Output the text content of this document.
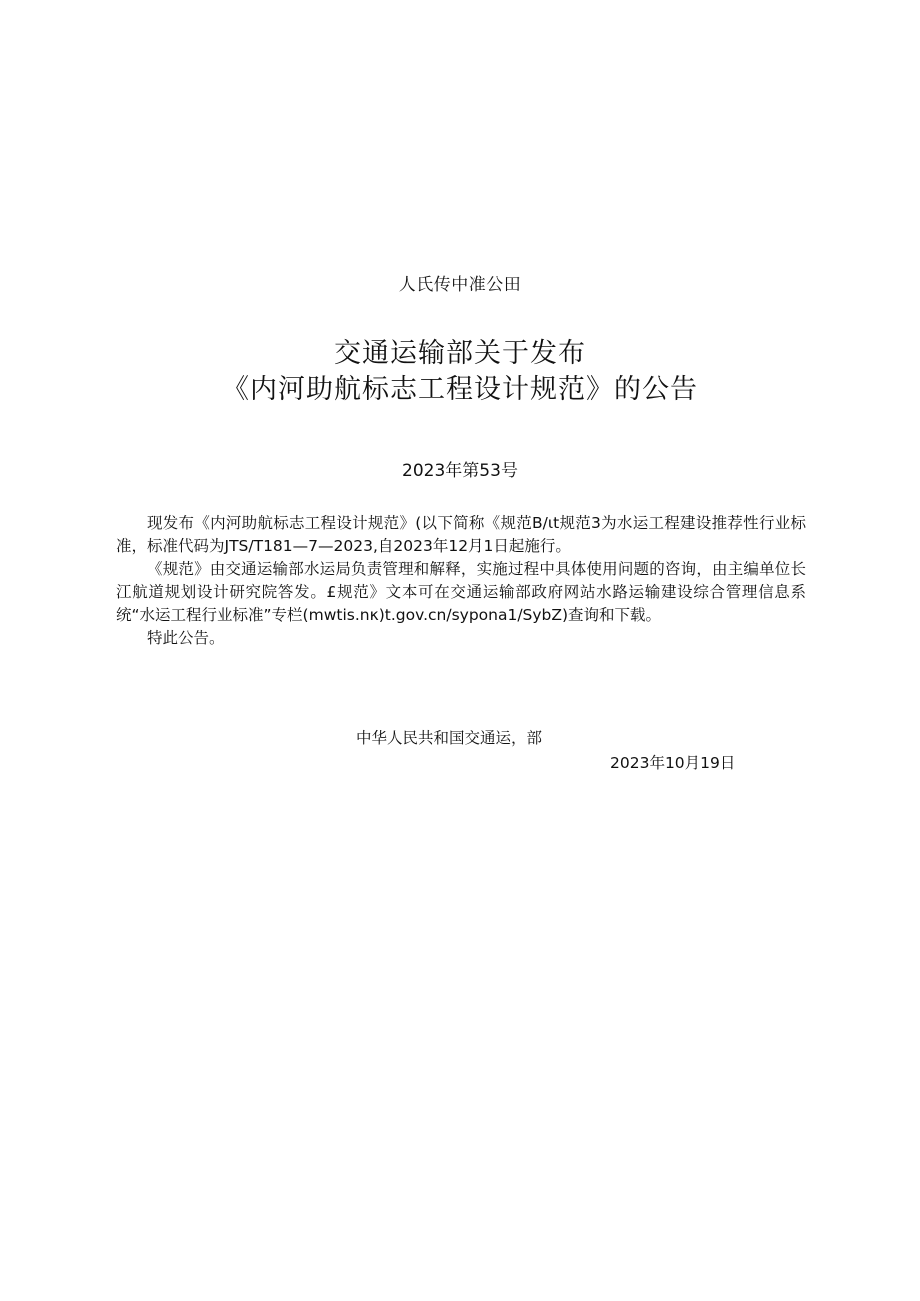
人氏传中准公田
交通运输部关于发布
《内河助航标志工程设计规范》的公告
2023年第53号

现发布《内河助航标志工程设计规范》(以下简称《规范B/ιt规范3为水运工程建设推荐性行业标准，标准代码为JTS/T181—7—2023,自2023年12月1日起施行。

《规范》由交通运输部水运局负责管理和解释，实施过程中具体使用问题的咨询，由主编单位长江航道规划设计研究院答发。£规范》文本可在交通运输部政府网站水路运输建设综合管理信息系统“水运工程行业标准”专栏(mwtis.nκ)t.gov.cn∕sypona1∕SybZ)查询和下载。

特此公告。

中华人民共和国交通运，部
2023年10月19日
